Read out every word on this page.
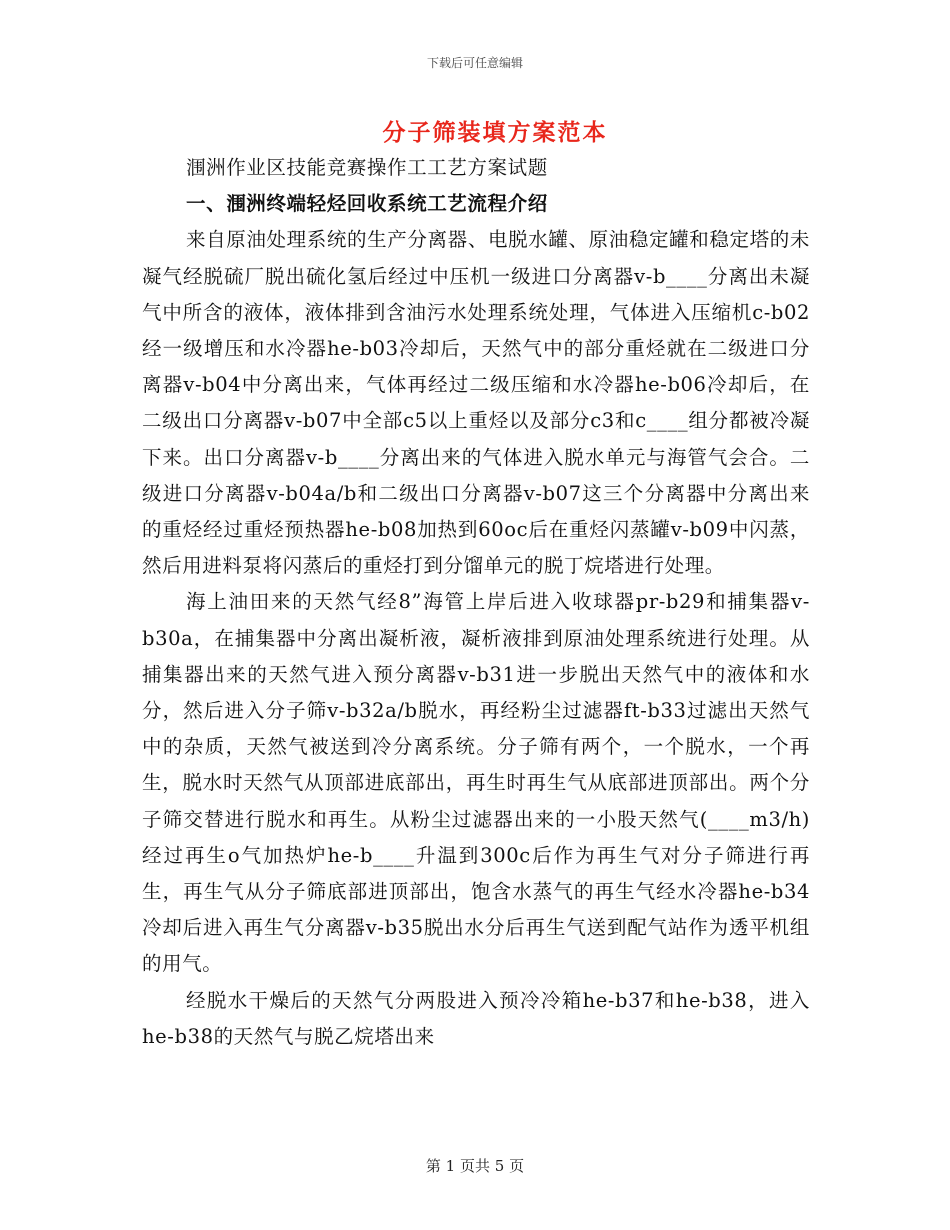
下载后可任意编辑
分子筛装填方案范本

涠洲作业区技能竞赛操作工工艺方案试题

一、涠洲终端轻烃回收系统工艺流程介绍

来自原油处理系统的生产分离器、电脱水罐、原油稳定罐和稳定塔的未凝气经脱硫厂脱出硫化氢后经过中压机一级进口分离器v-b____分离出未凝气中所含的液体，液体排到含油污水处理系统处理，气体进入压缩机c-b02经一级增压和水冷器he-b03冷却后，天然气中的部分重烃就在二级进口分离器v-b04中分离出来，气体再经过二级压缩和水冷器he-b06冷却后，在二级出口分离器v-b07中全部c5以上重烃以及部分c3和c____组分都被冷凝下来。出口分离器v-b____分离出来的气体进入脱水单元与海管气会合。二级进口分离器v-b04a/b和二级出口分离器v-b07这三个分离器中分离出来的重烃经过重烃预热器he-b08加热到60oc后在重烃闪蒸罐v-b09中闪蒸，然后用进料泵将闪蒸后的重烃打到分馏单元的脱丁烷塔进行处理。

海上油田来的天然气经8”海管上岸后进入收球器pr-b29和捕集器v-b30a，在捕集器中分离出凝析液，凝析液排到原油处理系统进行处理。从捕集器出来的天然气进入预分离器v-b31进一步脱出天然气中的液体和水分，然后进入分子筛v-b32a/b脱水，再经粉尘过滤器ft-b33过滤出天然气中的杂质，天然气被送到冷分离系统。分子筛有两个，一个脱水，一个再生，脱水时天然气从顶部进底部出，再生时再生气从底部进顶部出。两个分子筛交替进行脱水和再生。从粉尘过滤器出来的一小股天然气(____m3/h)经过再生o气加热炉he-b____升温到300c后作为再生气对分子筛进行再生，再生气从分子筛底部进顶部出，饱含水蒸气的再生气经水冷器he-b34冷却后进入再生气分离器v-b35脱出水分后再生气送到配气站作为透平机组的用气。

经脱水干燥后的天然气分两股进入预冷冷箱he-b37和he-b38，进入he-b38的天然气与脱乙烷塔出来

第 1 页共 5 页
